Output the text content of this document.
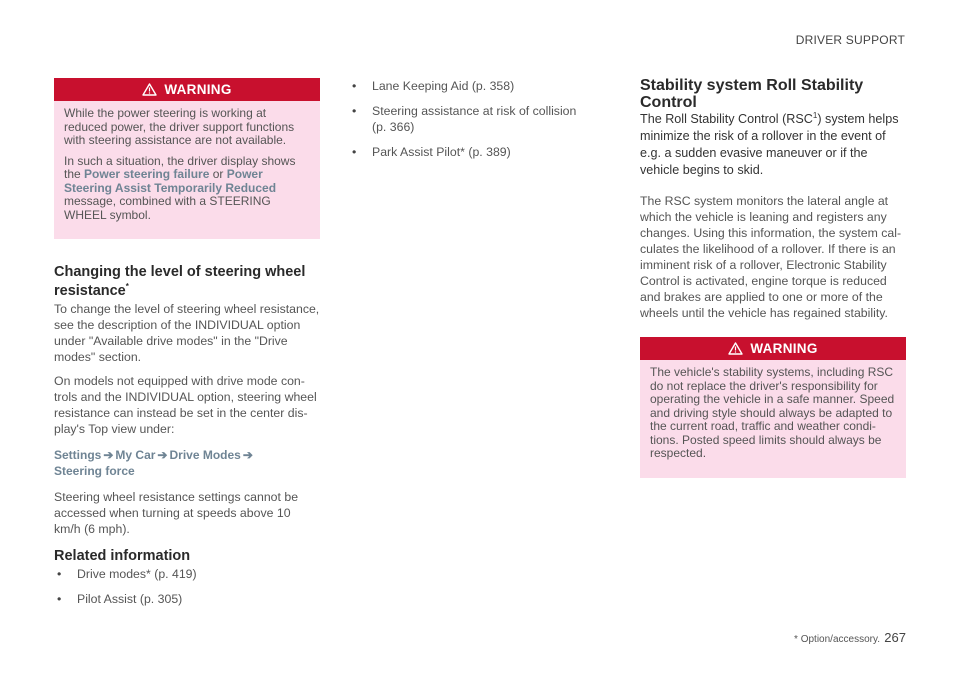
DRIVER SUPPORT
WARNING

While the power steering is working at reduced power, the driver support functions with steering assistance are not available.

In such a situation, the driver display shows the Power steering failure or Power Steering Assist Temporarily Reduced message, combined with a STEERING WHEEL symbol.

Changing the level of steering wheel resistance*

To change the level of steering wheel resistance, see the description of the INDIVIDUAL option under "Available drive modes" in the "Drive modes" section.

On models not equipped with drive mode con-trols and the INDIVIDUAL option, steering wheel resistance can instead be set in the center dis-play's Top view under:

Settings ➔ My Car ➔ Drive Modes ➔
Steering force

Steering wheel resistance settings cannot be accessed when turning at speeds above 10 km/h (6 mph).

Related information
• Drive modes* (p. 419)
• Pilot Assist (p. 305)
• Lane Keeping Aid (p. 358)
• Steering assistance at risk of collision (p. 366)
• Park Assist Pilot* (p. 389)
Stability system Roll Stability Control

The Roll Stability Control (RSC$^1$) system helps minimize the risk of a rollover in the event of e.g. a sudden evasive maneuver or if the vehicle begins to skid.

The RSC system monitors the lateral angle at which the vehicle is leaning and registers any changes. Using this information, the system cal-culates the likelihood of a rollover. If there is an imminent risk of a rollover, Electronic Stability Control is activated, engine torque is reduced and brakes are applied to one or more of the wheels until the vehicle has regained stability.

WARNING

The vehicle's stability systems, including RSC do not replace the driver's responsibility for operating the vehicle in a safe manner. Speed and driving style should always be adapted to the current road, traffic and weather condi-tions. Posted speed limits should always be respected.

* Option/accessory. 267
